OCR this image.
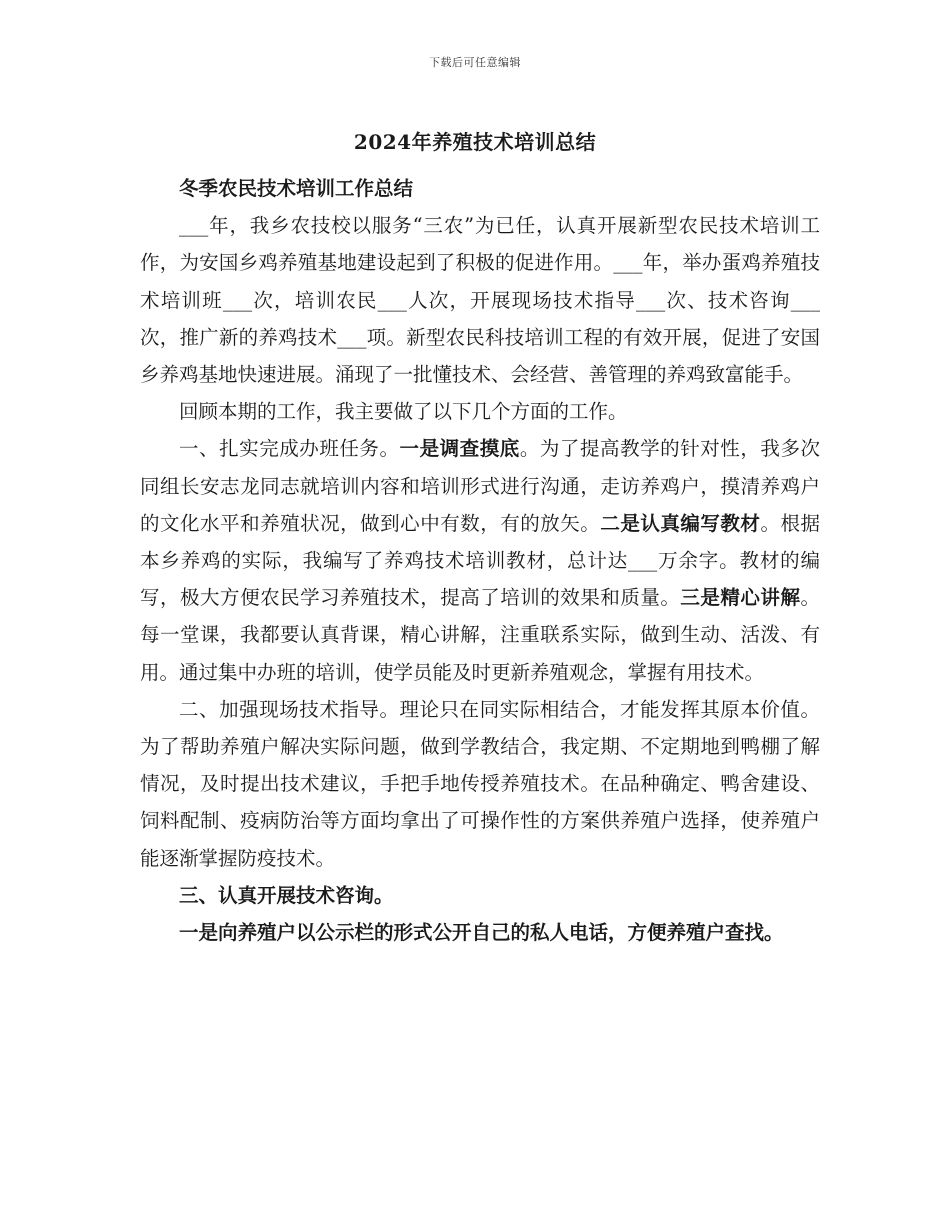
下载后可任意编辑
2024年养殖技术培训总结

冬季农民技术培训工作总结

___年，我乡农技校以服务“三农”为已任，认真开展新型农民技术培训工作，为安国乡鸡养殖基地建设起到了积极的促进作用。___年，举办蛋鸡养殖技术培训班___次，培训农民___人次，开展现场技术指导___次、技术咨询___次，推广新的养鸡技术___项。新型农民科技培训工程的有效开展，促进了安国乡养鸡基地快速进展。涌现了一批懂技术、会经营、善管理的养鸡致富能手。

回顾本期的工作，我主要做了以下几个方面的工作。

一、扎实完成办班任务。一是调查摸底。为了提高教学的针对性，我多次同组长安志龙同志就培训内容和培训形式进行沟通，走访养鸡户，摸清养鸡户的文化水平和养殖状况，做到心中有数，有的放矢。二是认真编写教材。根据本乡养鸡的实际，我编写了养鸡技术培训教材，总计达___万余字。教材的编写，极大方便农民学习养殖技术，提高了培训的效果和质量。三是精心讲解。每一堂课，我都要认真背课，精心讲解，注重联系实际，做到生动、活泼、有用。通过集中办班的培训，使学员能及时更新养殖观念，掌握有用技术。

二、加强现场技术指导。理论只在同实际相结合，才能发挥其原本价值。为了帮助养殖户解决实际问题，做到学教结合，我定期、不定期地到鸭棚了解情况，及时提出技术建议，手把手地传授养殖技术。在品种确定、鸭舍建设、饲料配制、疫病防治等方面均拿出了可操作性的方案供养殖户选择，使养殖户能逐渐掌握防疫技术。

三、认真开展技术咨询。

一是向养殖户以公示栏的形式公开自己的私人电话，方便养殖户查找。
